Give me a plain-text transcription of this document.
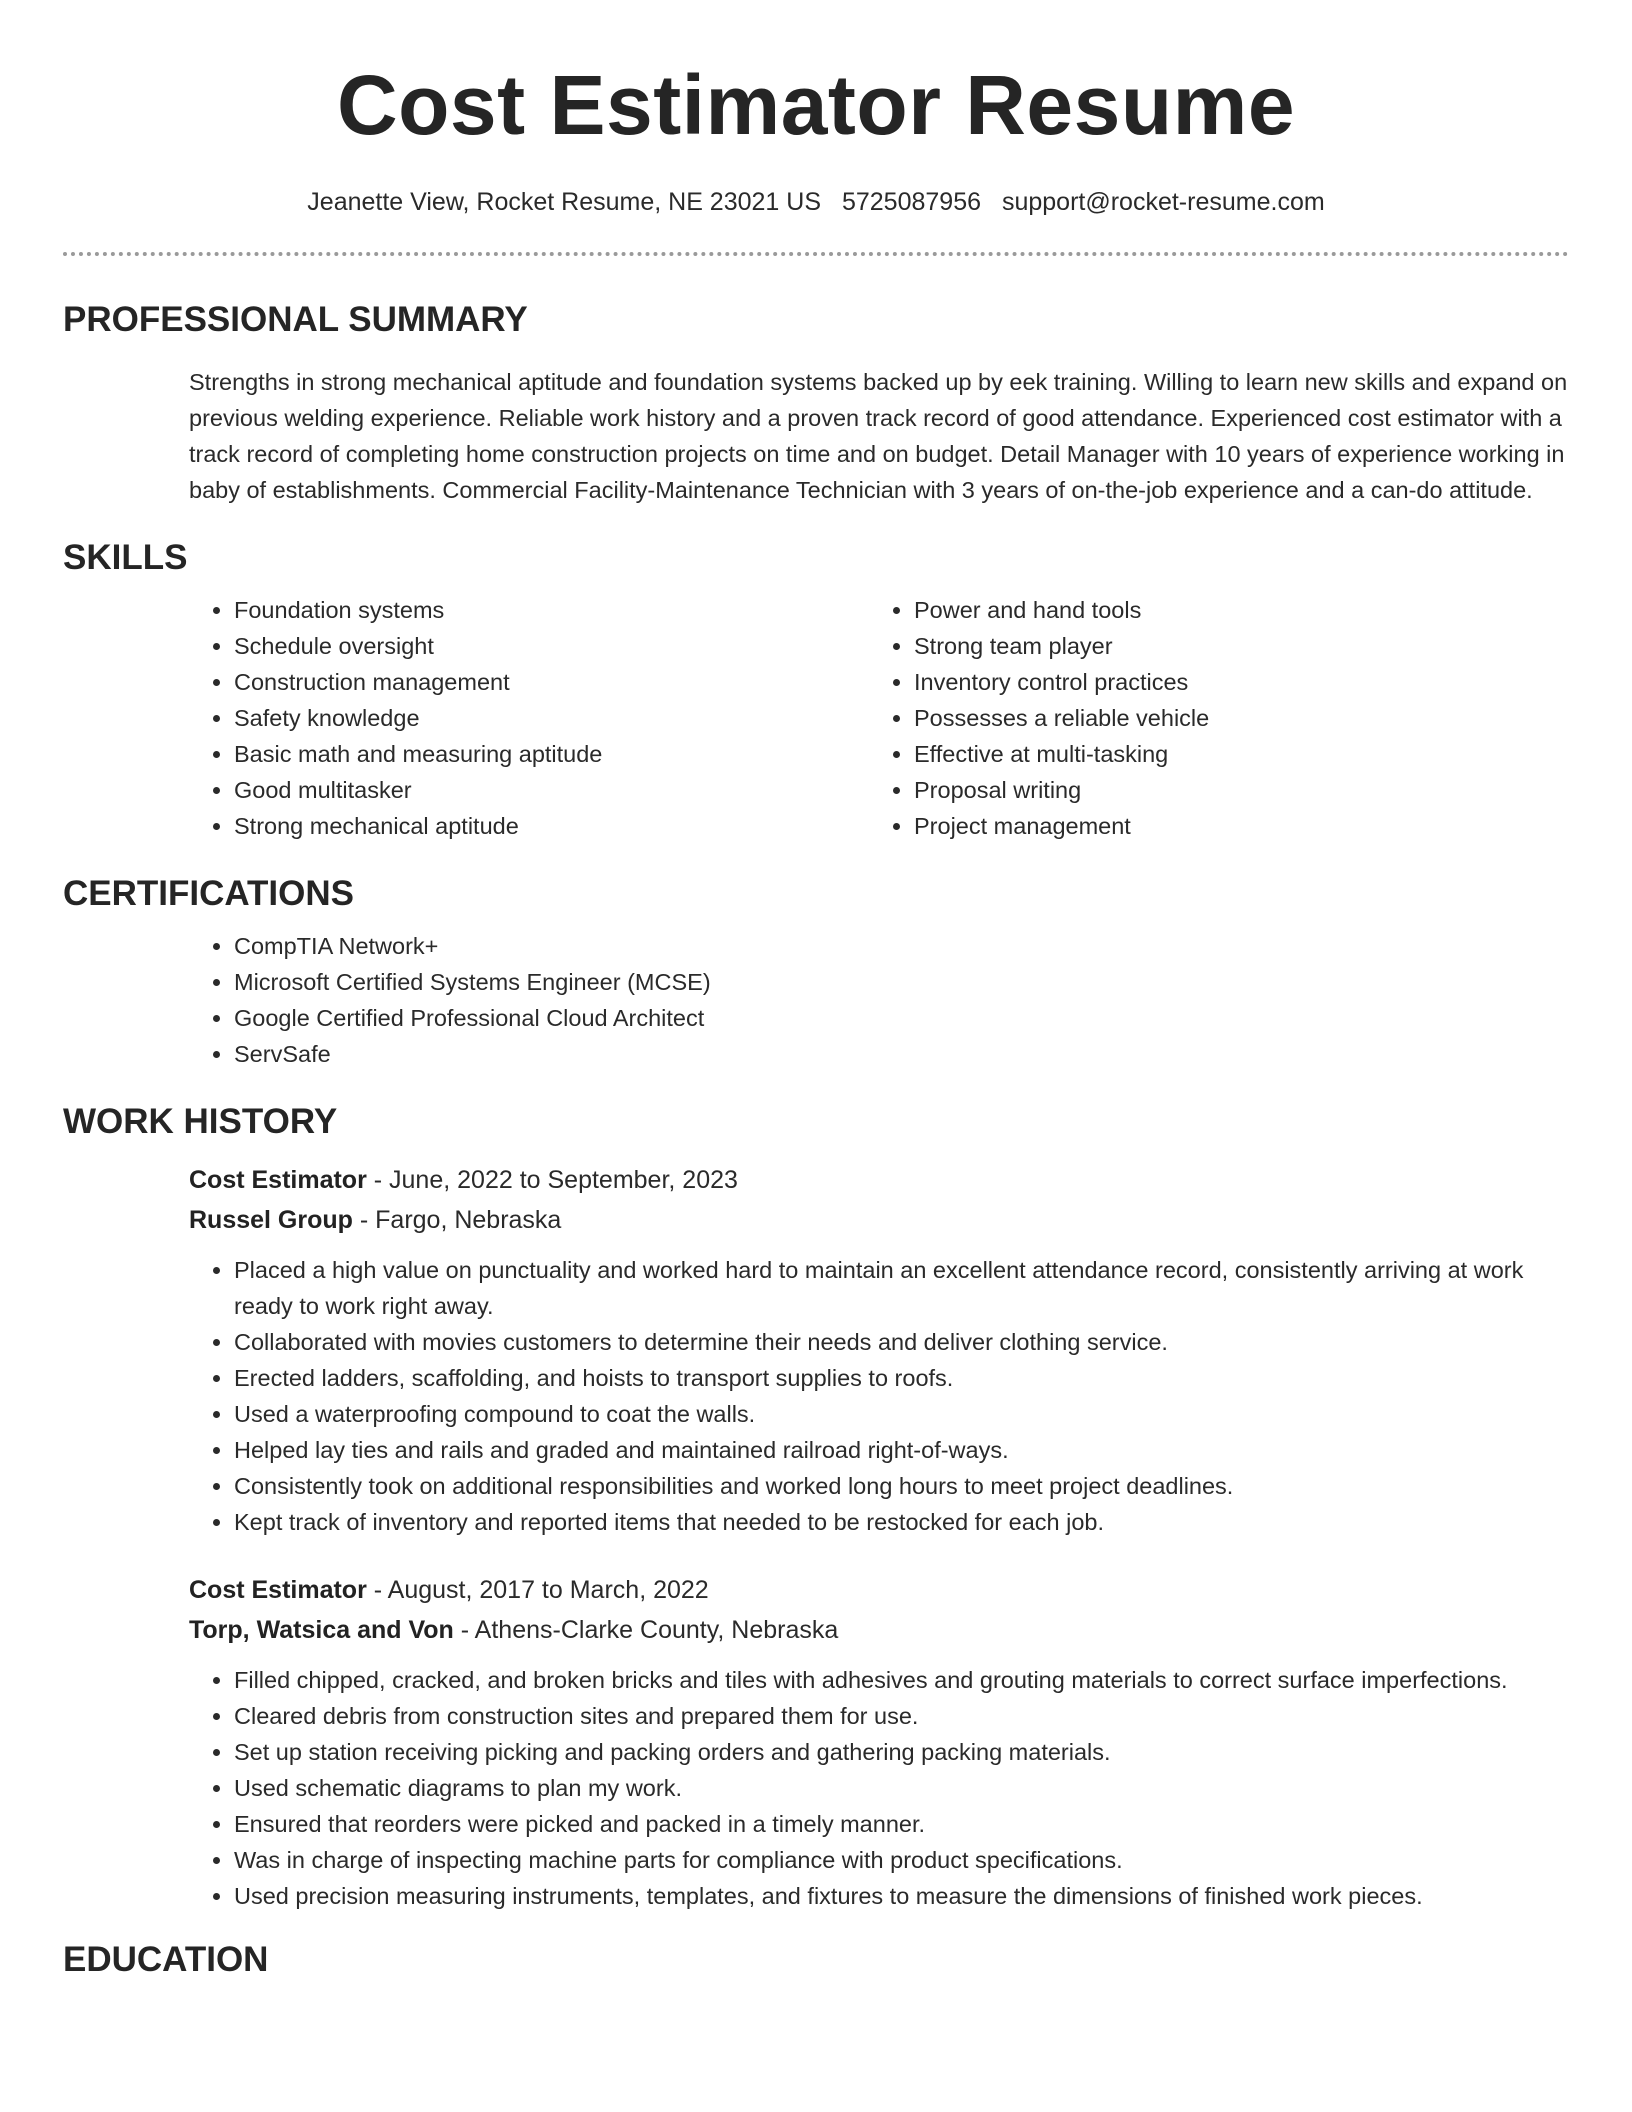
Cost Estimator Resume
Jeanette View, Rocket Resume, NE 23021 US 5725087956 support@rocket-resume.com
PROFESSIONAL SUMMARY

Strengths in strong mechanical aptitude and foundation systems backed up by eek training. Willing to learn new skills and expand on previous welding experience. Reliable work history and a proven track record of good attendance. Experienced cost estimator with a track record of completing home construction projects on time and on budget. Detail Manager with 10 years of experience working in baby of establishments. Commercial Facility-Maintenance Technician with 3 years of on-the-job experience and a can-do attitude.

SKILLS
• Foundation systems
• Schedule oversight
• Construction management
• Safety knowledge
• Basic math and measuring aptitude
• Good multitasker
• Strong mechanical aptitude
• Power and hand tools
• Strong team player
• Inventory control practices
• Possesses a reliable vehicle
• Effective at multi-tasking
• Proposal writing
• Project management
CERTIFICATIONS
• CompTIA Network+
• Microsoft Certified Systems Engineer (MCSE)
• Google Certified Professional Cloud Architect
• ServSafe
WORK HISTORY
Cost Estimator - June, 2022 to September, 2023
Russel Group - Fargo, Nebraska
• Placed a high value on punctuality and worked hard to maintain an excellent attendance record, consistently arriving at work ready to work right away.
• Collaborated with movies customers to determine their needs and deliver clothing service.
• Erected ladders, scaffolding, and hoists to transport supplies to roofs.
• Used a waterproofing compound to coat the walls.
• Helped lay ties and rails and graded and maintained railroad right-of-ways.
• Consistently took on additional responsibilities and worked long hours to meet project deadlines.
• Kept track of inventory and reported items that needed to be restocked for each job.
Cost Estimator - August, 2017 to March, 2022
Torp, Watsica and Von - Athens-Clarke County, Nebraska
• Filled chipped, cracked, and broken bricks and tiles with adhesives and grouting materials to correct surface imperfections.
• Cleared debris from construction sites and prepared them for use.
• Set up station receiving picking and packing orders and gathering packing materials.
• Used schematic diagrams to plan my work.
• Ensured that reorders were picked and packed in a timely manner.
• Was in charge of inspecting machine parts for compliance with product specifications.
• Used precision measuring instruments, templates, and fixtures to measure the dimensions of finished work pieces.
EDUCATION
